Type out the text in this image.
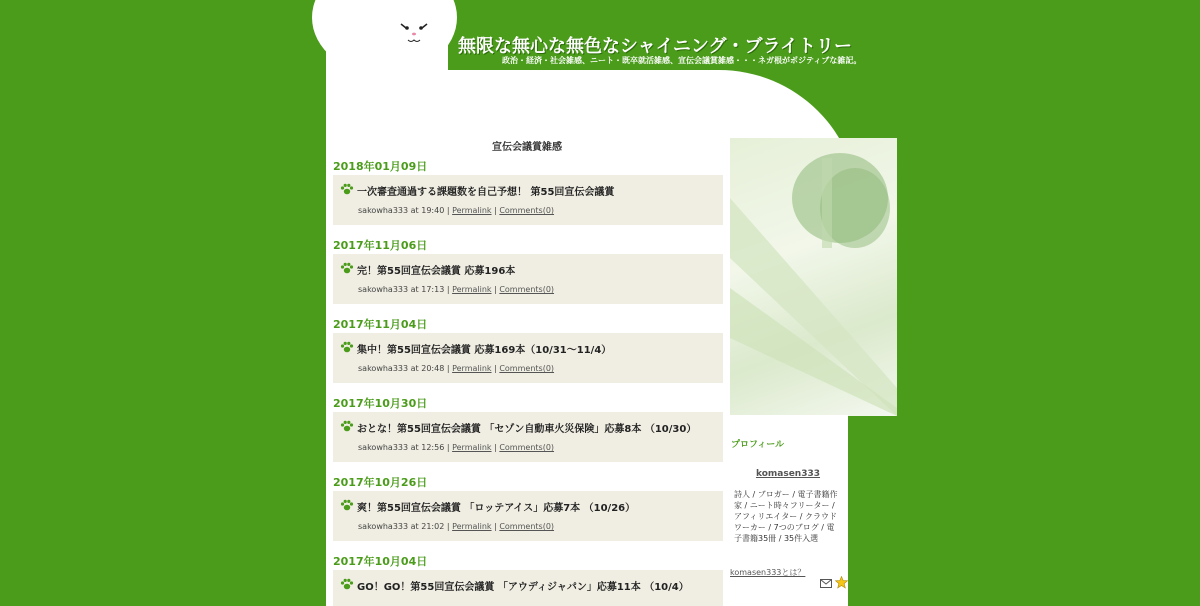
無限な無心な無色なシャイニング・ブライトリー
政治・経済・社会雑感、ニート・既卒就活雑感、宣伝会議賞雑感・・・ネガ根がポジティブな雑記。
宣伝会議賞雑感
2018年01月09日
一次審査通過する課題数を自己予想！ 第55回宣伝会議賞
sakowha333 at 19:40 | Permalink | Comments(0)
2017年11月06日
完！第55回宣伝会議賞 応募196本
sakowha333 at 17:13 | Permalink | Comments(0)
2017年11月04日
集中！第55回宣伝会議賞 応募169本（10/31～11/4）
sakowha333 at 20:48 | Permalink | Comments(0)
2017年10月30日
おとな！第55回宣伝会議賞 「セゾン自動車火災保険」応募8本 （10/30）
sakowha333 at 12:56 | Permalink | Comments(0)
2017年10月26日
爽！第55回宣伝会議賞 「ロッテアイス」応募7本 （10/26）
sakowha333 at 21:02 | Permalink | Comments(0)
2017年10月04日
GO！GO！第55回宣伝会議賞 「アウディジャパン」応募11本 （10/4）
プロフィール
komasen333
詩人 / ブロガー / 電子書籍作家 / ニート時々フリーター / アフィリエイター / クラウドワーカー / 7つのブログ / 電子書籍35冊 / 35件入選
komasen333とは？
